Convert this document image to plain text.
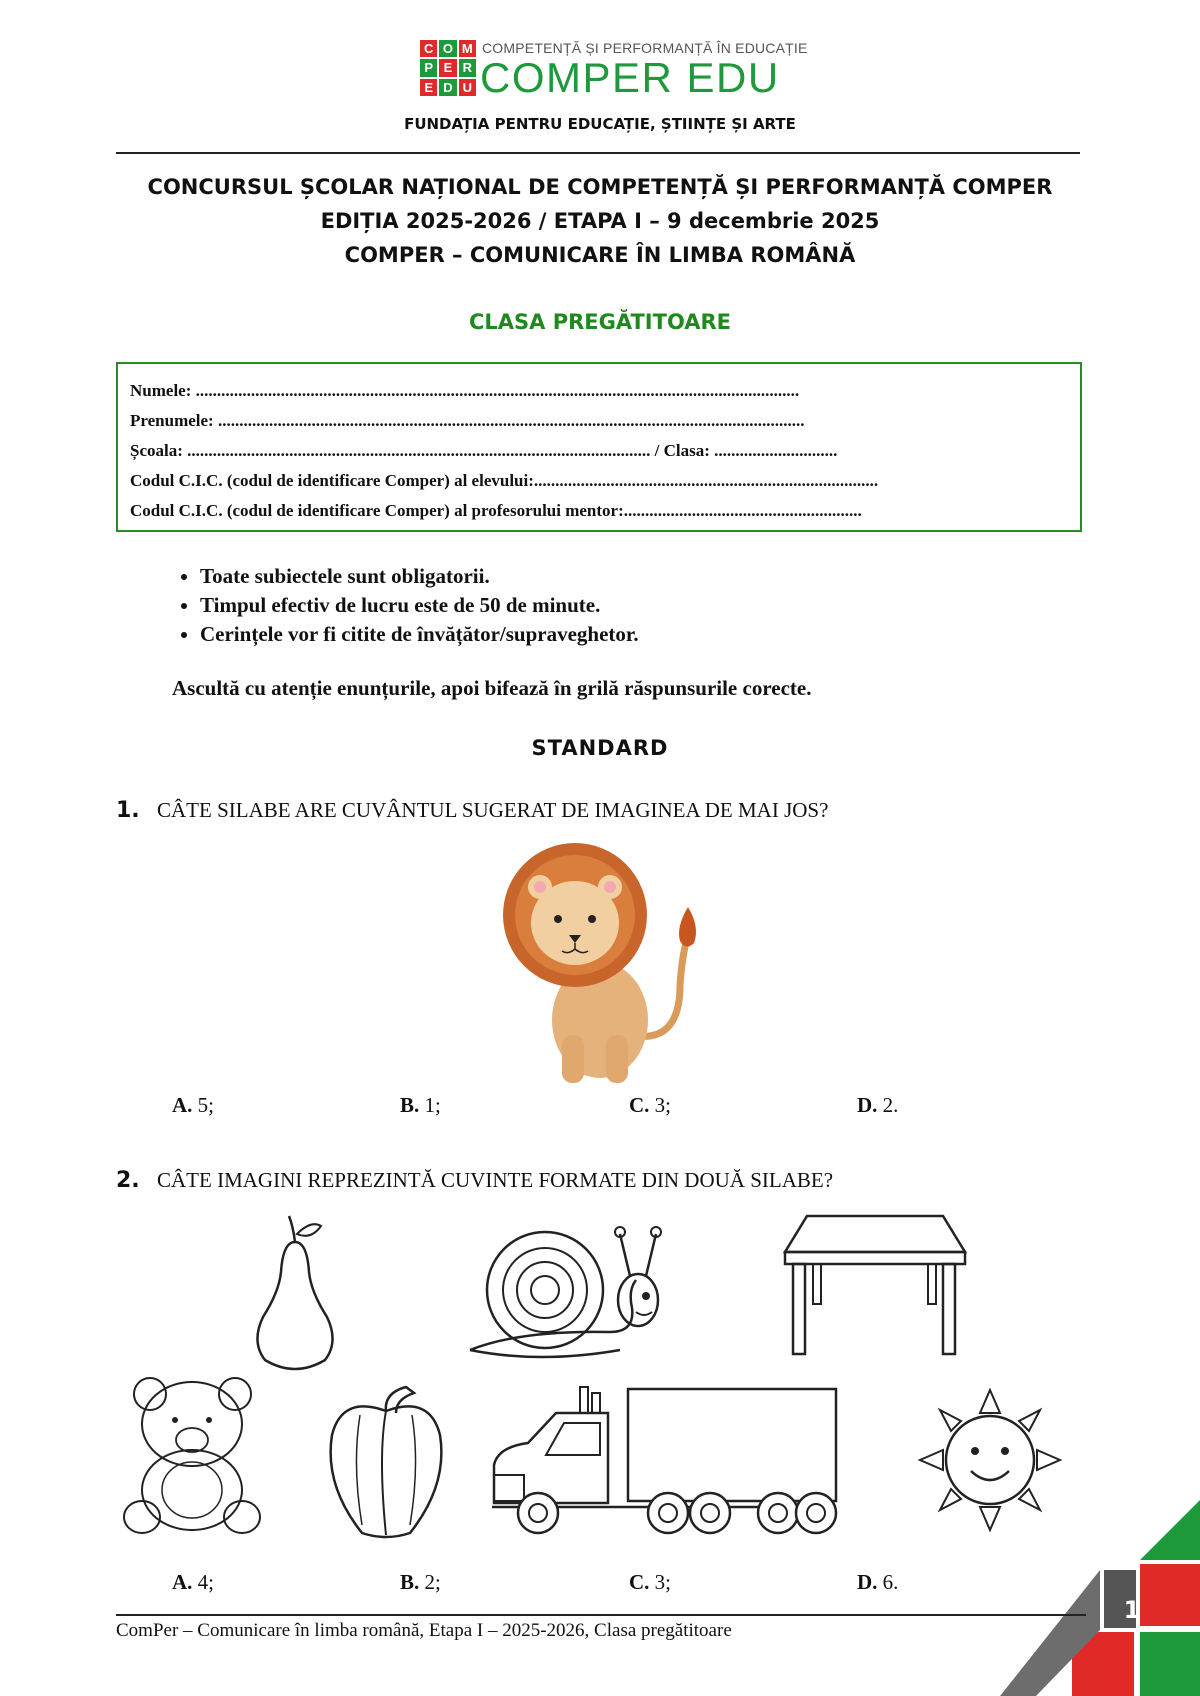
C O M
P E R
E D U
COMPETENȚĂ ȘI PERFORMANȚĂ ÎN EDUCAȚIE
COMPER EDU
FUNDAȚIA PENTRU EDUCAȚIE, ȘTIINȚE ȘI ARTE
CONCURSUL ȘCOLAR NAȚIONAL DE COMPETENȚĂ ȘI PERFORMANȚĂ COMPER
EDIȚIA 2025-2026 / ETAPA I – 9 decembrie 2025
COMPER – COMUNICARE ÎN LIMBA ROMÂNĂ
CLASA PREGĂTITOARE
Numele: ..............................................................................................................................................
Prenumele: ..........................................................................................................................................
Școala: ............................................................................................................. / Clasa: .............................
Codul C.I.C. (codul de identificare Comper) al elevului:.................................................................................
Codul C.I.C. (codul de identificare Comper) al profesorului mentor:........................................................
• Toate subiectele sunt obligatorii.
• Timpul efectiv de lucru este de 50 de minute.
• Cerințele vor fi citite de învățător/supraveghetor.
Ascultă cu atenție enunțurile, apoi bifează în grilă răspunsurile corecte.
STANDARD
1. CÂTE SILABE ARE CUVÂNTUL SUGERAT DE IMAGINEA DE MAI JOS?
A. 5;	B. 1;	C. 3;	D. 2.
2. CÂTE IMAGINI REPREZINTĂ CUVINTE FORMATE DIN DOUĂ SILABE?
A. 4;	B. 2;	C. 3;	D. 6.
ComPer – Comunicare în limba română, Etapa I – 2025-2026, Clasa pregătitoare
1
